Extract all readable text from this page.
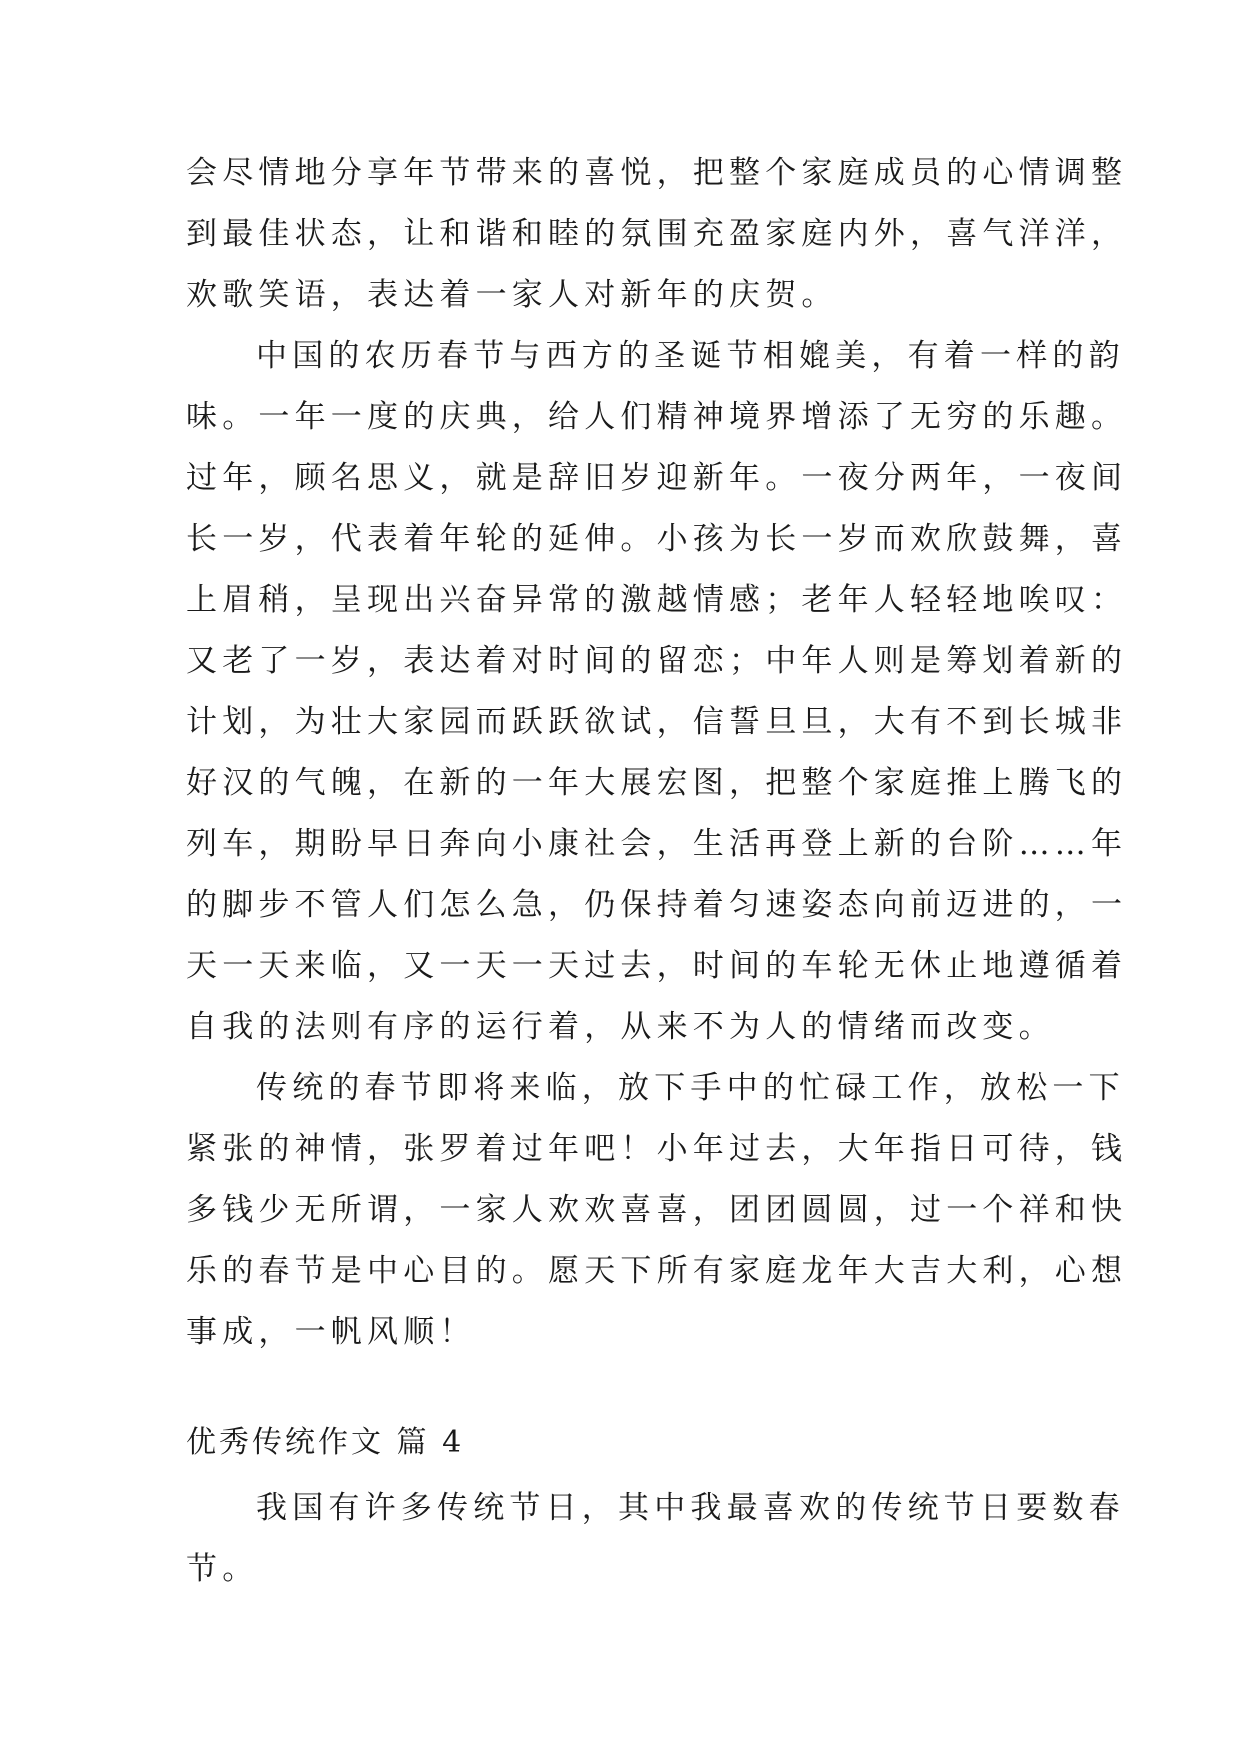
会尽情地分享年节带来的喜悦，把整个家庭成员的心情调整
到最佳状态，让和谐和睦的氛围充盈家庭内外，喜气洋洋，
欢歌笑语，表达着一家人对新年的庆贺。
中国的农历春节与西方的圣诞节相媲美，有着一样的韵
味。一年一度的庆典，给人们精神境界增添了无穷的乐趣。
过年，顾名思义，就是辞旧岁迎新年。一夜分两年，一夜间
长一岁，代表着年轮的延伸。小孩为长一岁而欢欣鼓舞，喜
上眉稍，呈现出兴奋异常的激越情感；老年人轻轻地唉叹：
又老了一岁，表达着对时间的留恋；中年人则是筹划着新的
计划，为壮大家园而跃跃欲试，信誓旦旦，大有不到长城非
好汉的气魄，在新的一年大展宏图，把整个家庭推上腾飞的
列车，期盼早日奔向小康社会，生活再登上新的台阶……年
的脚步不管人们怎么急，仍保持着匀速姿态向前迈进的，一
天一天来临，又一天一天过去，时间的车轮无休止地遵循着
自我的法则有序的运行着，从来不为人的情绪而改变。
传统的春节即将来临，放下手中的忙碌工作，放松一下
紧张的神情，张罗着过年吧！小年过去，大年指日可待，钱
多钱少无所谓，一家人欢欢喜喜，团团圆圆，过一个祥和快
乐的春节是中心目的。愿天下所有家庭龙年大吉大利，心想
事成，一帆风顺！
优秀传统作文 篇 4
我国有许多传统节日，其中我最喜欢的传统节日要数春
节。
